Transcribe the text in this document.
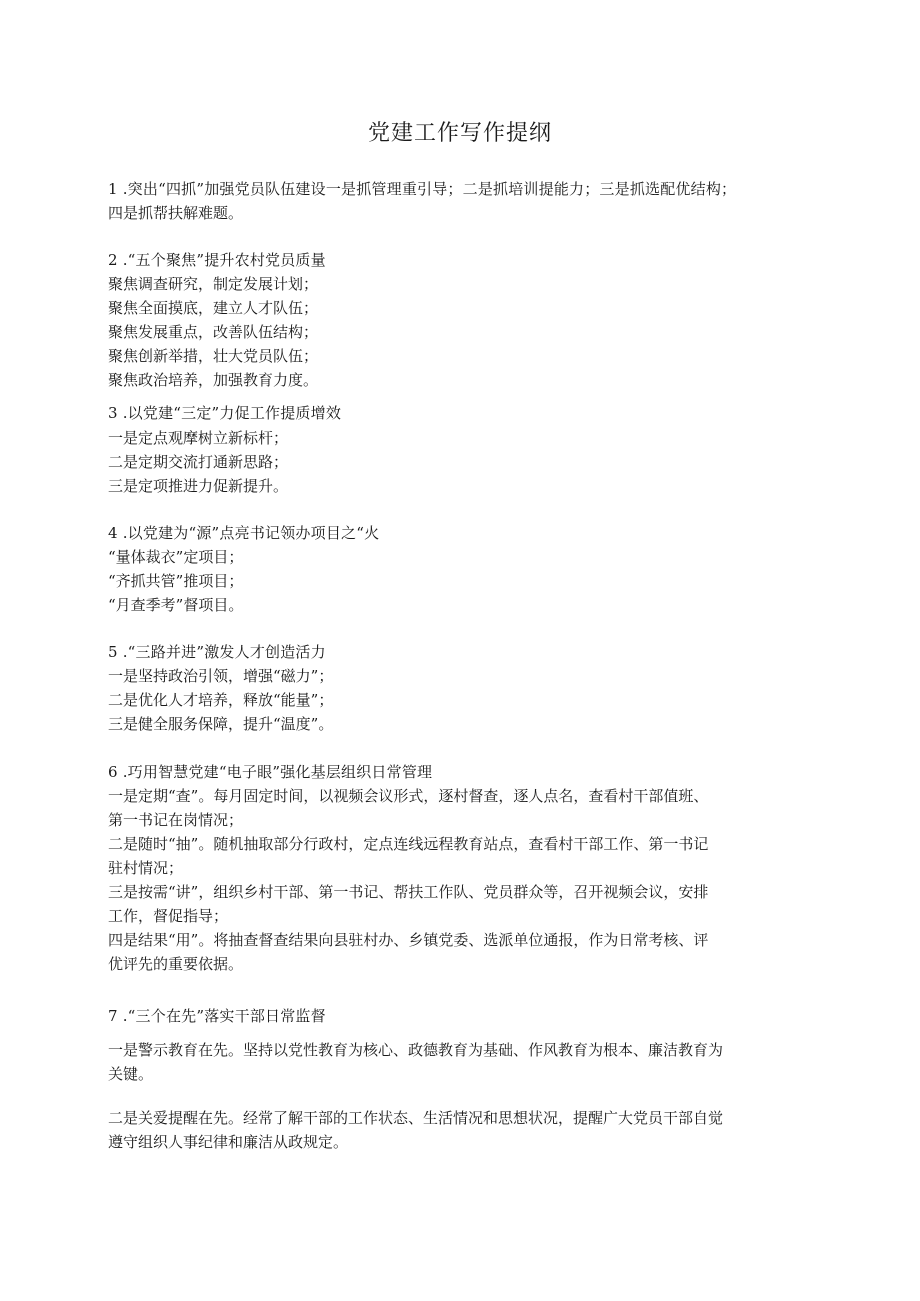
党建工作写作提纲
1 .突出“四抓”加强党员队伍建设一是抓管理重引导；二是抓培训提能力；三是抓选配优结构；
四是抓帮扶解难题。
2 .“五个聚焦”提升农村党员质量
聚焦调查研究，制定发展计划；
聚焦全面摸底，建立人才队伍；
聚焦发展重点，改善队伍结构；
聚焦创新举措，壮大党员队伍；
聚焦政治培养，加强教育力度。
3 .以党建“三定”力促工作提质增效
一是定点观摩树立新标杆；
二是定期交流打通新思路；
三是定项推进力促新提升。
4 .以党建为“源”点亮书记领办项目之“火
“量体裁衣”定项目；
“齐抓共管”推项目；
“月查季考”督项目。
5 .“三路并进”激发人才创造活力
一是坚持政治引领，增强“磁力”；
二是优化人才培养，释放“能量”；
三是健全服务保障，提升“温度”。
6 .巧用智慧党建“电子眼”强化基层组织日常管理
一是定期“查”。每月固定时间，以视频会议形式，逐村督查，逐人点名，查看村干部值班、
第一书记在岗情况；
二是随时“抽”。随机抽取部分行政村，定点连线远程教育站点，查看村干部工作、第一书记
驻村情况；
三是按需“讲”，组织乡村干部、第一书记、帮扶工作队、党员群众等，召开视频会议，安排
工作，督促指导；
四是结果“用”。将抽查督查结果向县驻村办、乡镇党委、选派单位通报，作为日常考核、评
优评先的重要依据。
7 .“三个在先”落实干部日常监督
一是警示教育在先。坚持以党性教育为核心、政德教育为基础、作风教育为根本、廉洁教育为
关键。
二是关爱提醒在先。经常了解干部的工作状态、生活情况和思想状况，提醒广大党员干部自觉
遵守组织人事纪律和廉洁从政规定。
